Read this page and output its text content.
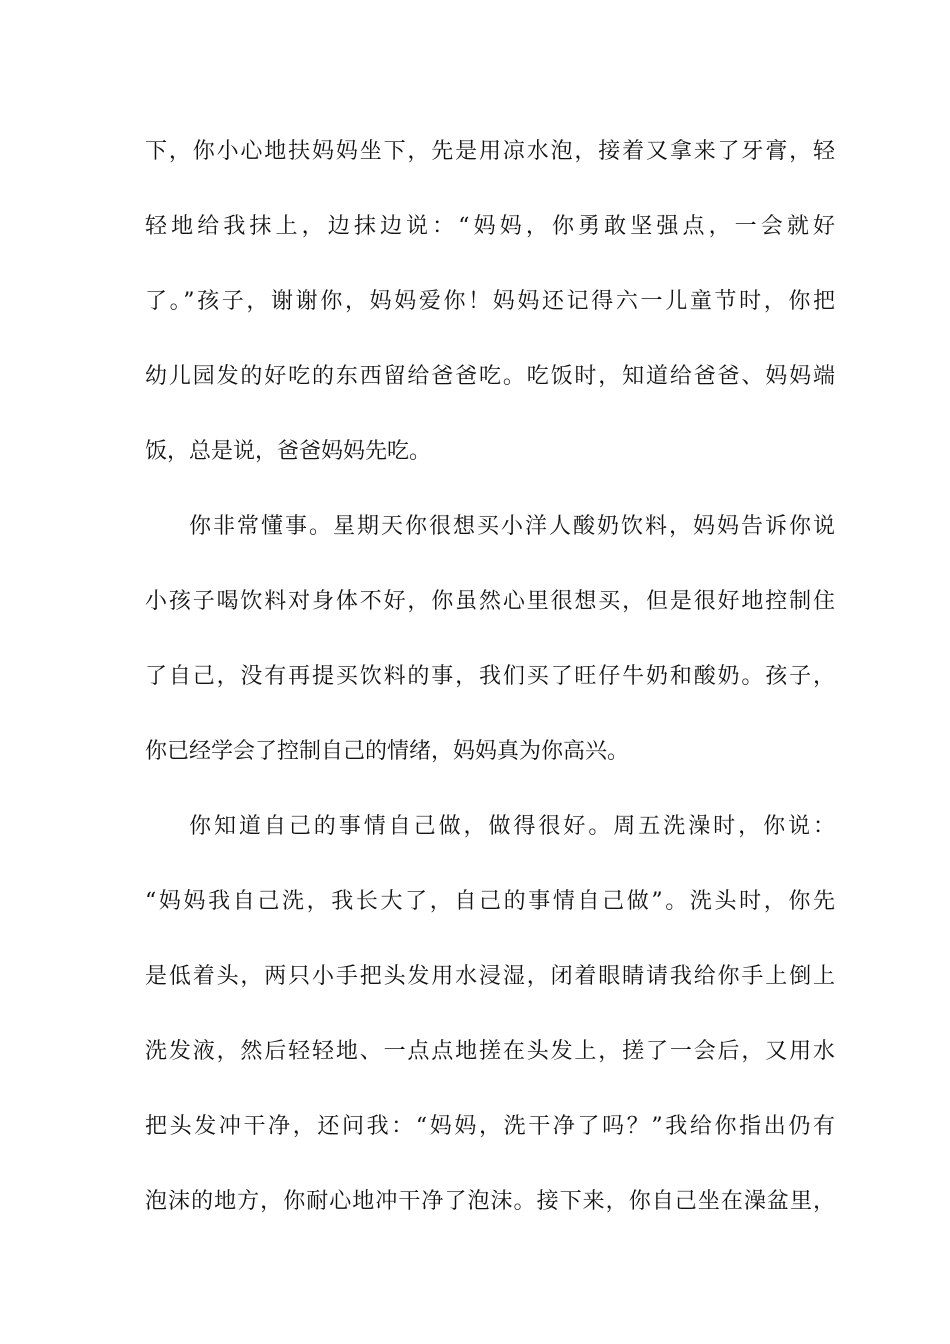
下，你小心地扶妈妈坐下，先是用凉水泡，接着又拿来了牙膏，轻
轻地给我抹上，边抹边说：“妈妈，你勇敢坚强点，一会就好
了。”孩子，谢谢你，妈妈爱你！妈妈还记得六一儿童节时，你把
幼儿园发的好吃的东西留给爸爸吃。吃饭时，知道给爸爸、妈妈端
饭，总是说，爸爸妈妈先吃。
你非常懂事。星期天你很想买小洋人酸奶饮料，妈妈告诉你说
小孩子喝饮料对身体不好，你虽然心里很想买，但是很好地控制住
了自己，没有再提买饮料的事，我们买了旺仔牛奶和酸奶。孩子，
你已经学会了控制自己的情绪，妈妈真为你高兴。
你知道自己的事情自己做，做得很好。周五洗澡时，你说：
“妈妈我自己洗，我长大了，自己的事情自己做”。洗头时，你先
是低着头，两只小手把头发用水浸湿，闭着眼睛请我给你手上倒上
洗发液，然后轻轻地、一点点地搓在头发上，搓了一会后，又用水
把头发冲干净，还问我：“妈妈，洗干净了吗？”我给你指出仍有
泡沫的地方，你耐心地冲干净了泡沫。接下来，你自己坐在澡盆里，
